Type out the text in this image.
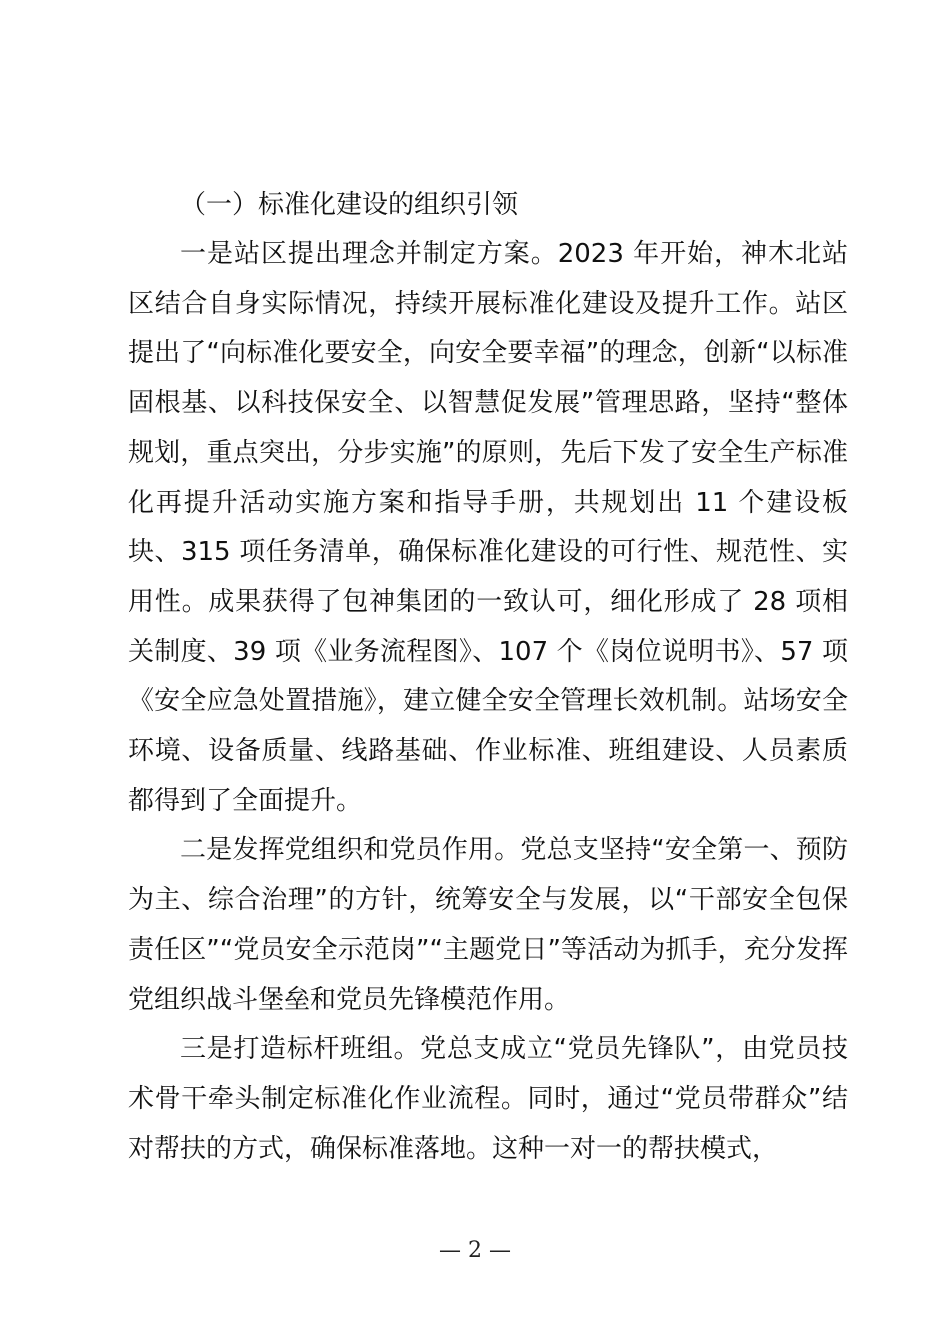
（一）标准化建设的组织引领

一是站区提出理念并制定方案。2023 年开始，神木北站区结合自身实际情况，持续开展标准化建设及提升工作。站区提出了“向标准化要安全，向安全要幸福”的理念，创新“以标准固根基、以科技保安全、以智慧促发展”管理思路，坚持“整体规划，重点突出，分步实施”的原则，先后下发了安全生产标准化再提升活动实施方案和指导手册，共规划出 11 个建设板块、315 项任务清单，确保标准化建设的可行性、规范性、实用性。成果获得了包神集团的一致认可，细化形成了 28 项相关制度、39 项《业务流程图》、107 个《岗位说明书》、57 项《安全应急处置措施》，建立健全安全管理长效机制。站场安全环境、设备质量、线路基础、作业标准、班组建设、人员素质都得到了全面提升。

二是发挥党组织和党员作用。党总支坚持“安全第一、预防为主、综合治理”的方针，统筹安全与发展，以“干部安全包保责任区”“党员安全示范岗”“主题党日”等活动为抓手，充分发挥党组织战斗堡垒和党员先锋模范作用。

三是打造标杆班组。党总支成立“党员先锋队”，由党员技术骨干牵头制定标准化作业流程。同时，通过“党员带群众”结对帮扶的方式，确保标准落地。这种一对一的帮扶模式，

— 2 —
